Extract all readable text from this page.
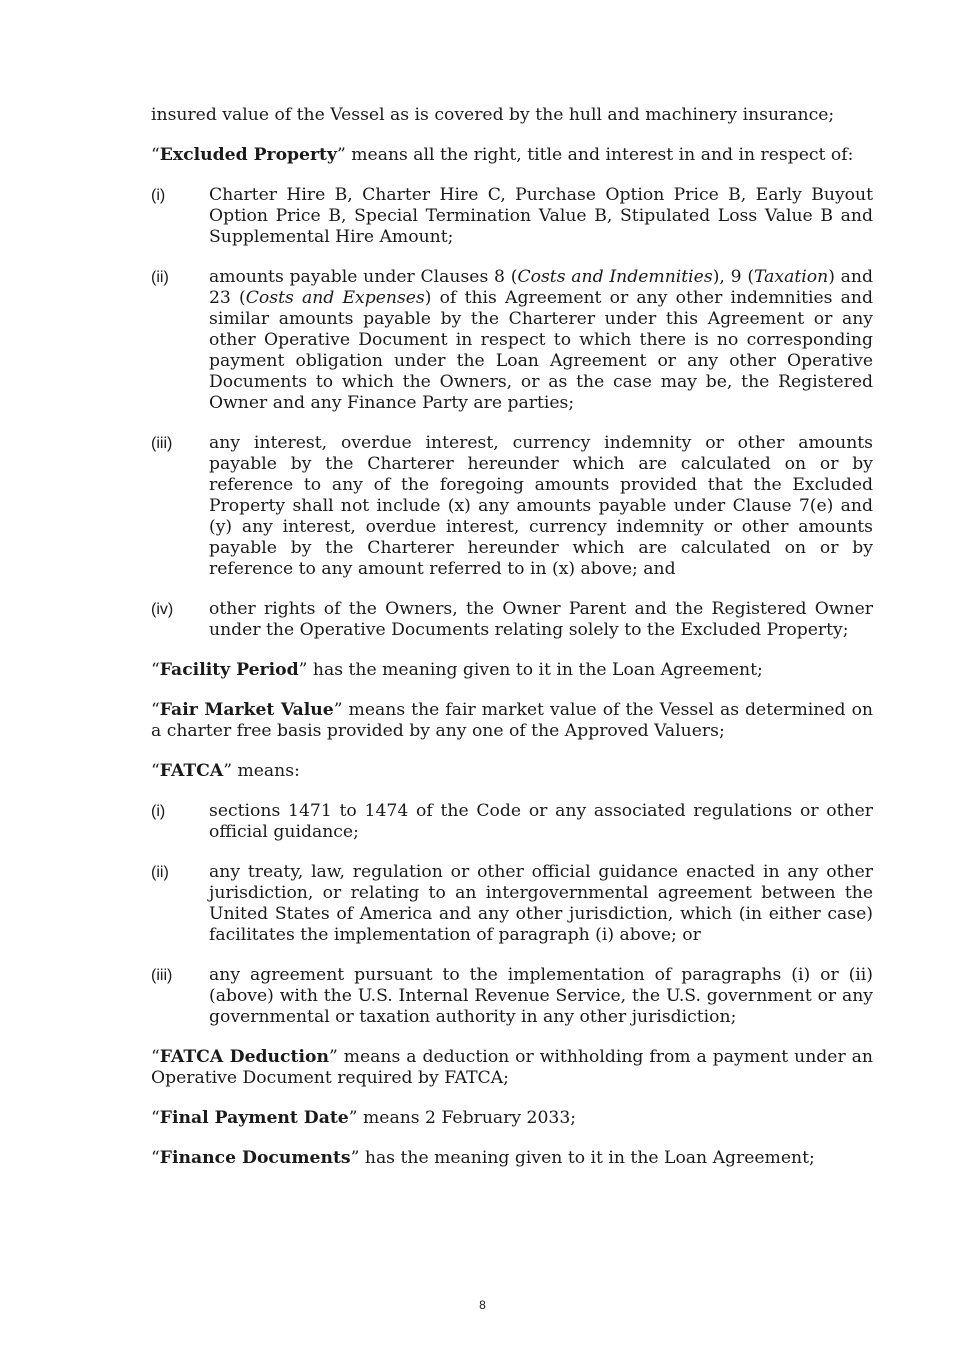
insured value of the Vessel as is covered by the hull and machinery insurance;

“Excluded Property” means all the right, title and interest in and in respect of:

(i)	Charter Hire B, Charter Hire C, Purchase Option Price B, Early Buyout Option Price B, Special Termination Value B, Stipulated Loss Value B and Supplemental Hire Amount;
(ii)	amounts payable under Clauses 8 (Costs and Indemnities), 9 (Taxation) and 23 (Costs and Expenses) of this Agreement or any other indemnities and similar amounts payable by the Charterer under this Agreement or any other Operative Document in respect to which there is no corresponding payment obligation under the Loan Agreement or any other Operative Documents to which the Owners, or as the case may be, the Registered Owner and any Finance Party are parties;
(iii)	any interest, overdue interest, currency indemnity or other amounts payable by the Charterer hereunder which are calculated on or by reference to any of the foregoing amounts provided that the Excluded Property shall not include (x) any amounts payable under Clause 7(e) and (y) any interest, overdue interest, currency indemnity or other amounts payable by the Charterer hereunder which are calculated on or by reference to any amount referred to in (x) above; and
(iv)	other rights of the Owners, the Owner Parent and the Registered Owner under the Operative Documents relating solely to the Excluded Property;

“Facility Period” has the meaning given to it in the Loan Agreement;

“Fair Market Value” means the fair market value of the Vessel as determined on a charter free basis provided by any one of the Approved Valuers;

“FATCA” means:

(i)	sections 1471 to 1474 of the Code or any associated regulations or other official guidance;
(ii)	any treaty, law, regulation or other official guidance enacted in any other jurisdiction, or relating to an intergovernmental agreement between the United States of America and any other jurisdiction, which (in either case) facilitates the implementation of paragraph (i) above; or
(iii)	any agreement pursuant to the implementation of paragraphs (i) or (ii) (above) with the U.S. Internal Revenue Service, the U.S. government or any governmental or taxation authority in any other jurisdiction;

“FATCA Deduction” means a deduction or withholding from a payment under an Operative Document required by FATCA;

“Final Payment Date” means 2 February 2033;

“Finance Documents” has the meaning given to it in the Loan Agreement;

8
